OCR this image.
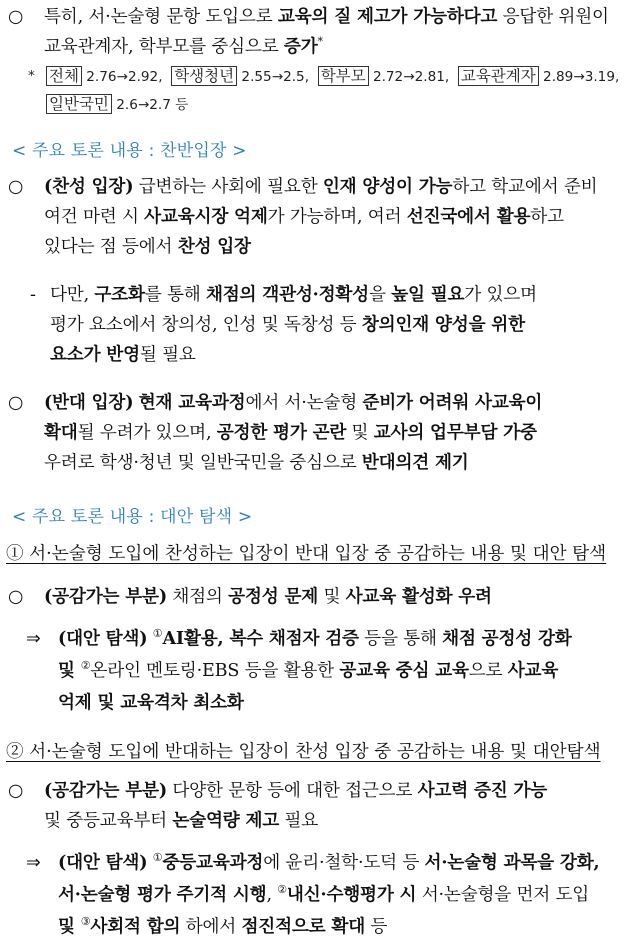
○ 특히, 서·논술형 문항 도입으로 교육의 질 제고가 가능하다고 응답한 위원이
교육관계자, 학부모를 중심으로 증가*
* 전체 2.76→2.92, 학생청년 2.55→2.5, 학부모 2.72→2.81, 교육관계자 2.89→3.19,
일반국민 2.6→2.7 등
< 주요 토론 내용 : 찬반입장 >
○ (찬성 입장) 급변하는 사회에 필요한 인재 양성이 가능하고 학교에서 준비
여건 마련 시 사교육시장 억제가 가능하며, 여러 선진국에서 활용하고
있다는 점 등에서 찬성 입장
- 다만, 구조화를 통해 채점의 객관성·정확성을 높일 필요가 있으며
평가 요소에서 창의성, 인성 및 독창성 등 창의인재 양성을 위한
요소가 반영될 필요
○ (반대 입장) 현재 교육과정에서 서·논술형 준비가 어려워 사교육이
확대될 우려가 있으며, 공정한 평가 곤란 및 교사의 업무부담 가중
우려로 학생·청년 및 일반국민을 중심으로 반대의견 제기
< 주요 토론 내용 : 대안 탐색 >
① 서·논술형 도입에 찬성하는 입장이 반대 입장 중 공감하는 내용 및 대안 탐색
○ (공감가는 부분) 채점의 공정성 문제 및 사교육 활성화 우려
⇒ (대안 탐색) ①AI활용, 복수 채점자 검증 등을 통해 채점 공정성 강화
및 ②온라인 멘토링·EBS 등을 활용한 공교육 중심 교육으로 사교육
억제 및 교육격차 최소화
② 서·논술형 도입에 반대하는 입장이 찬성 입장 중 공감하는 내용 및 대안탐색
○ (공감가는 부분) 다양한 문항 등에 대한 접근으로 사고력 증진 가능
및 중등교육부터 논술역량 제고 필요
⇒ (대안 탐색) ①중등교육과정에 윤리·철학·도덕 등 서·논술형 과목을 강화,
서·논술형 평가 주기적 시행, ②내신·수행평가 시 서·논술형을 먼저 도입
및 ③사회적 합의 하에서 점진적으로 확대 등
